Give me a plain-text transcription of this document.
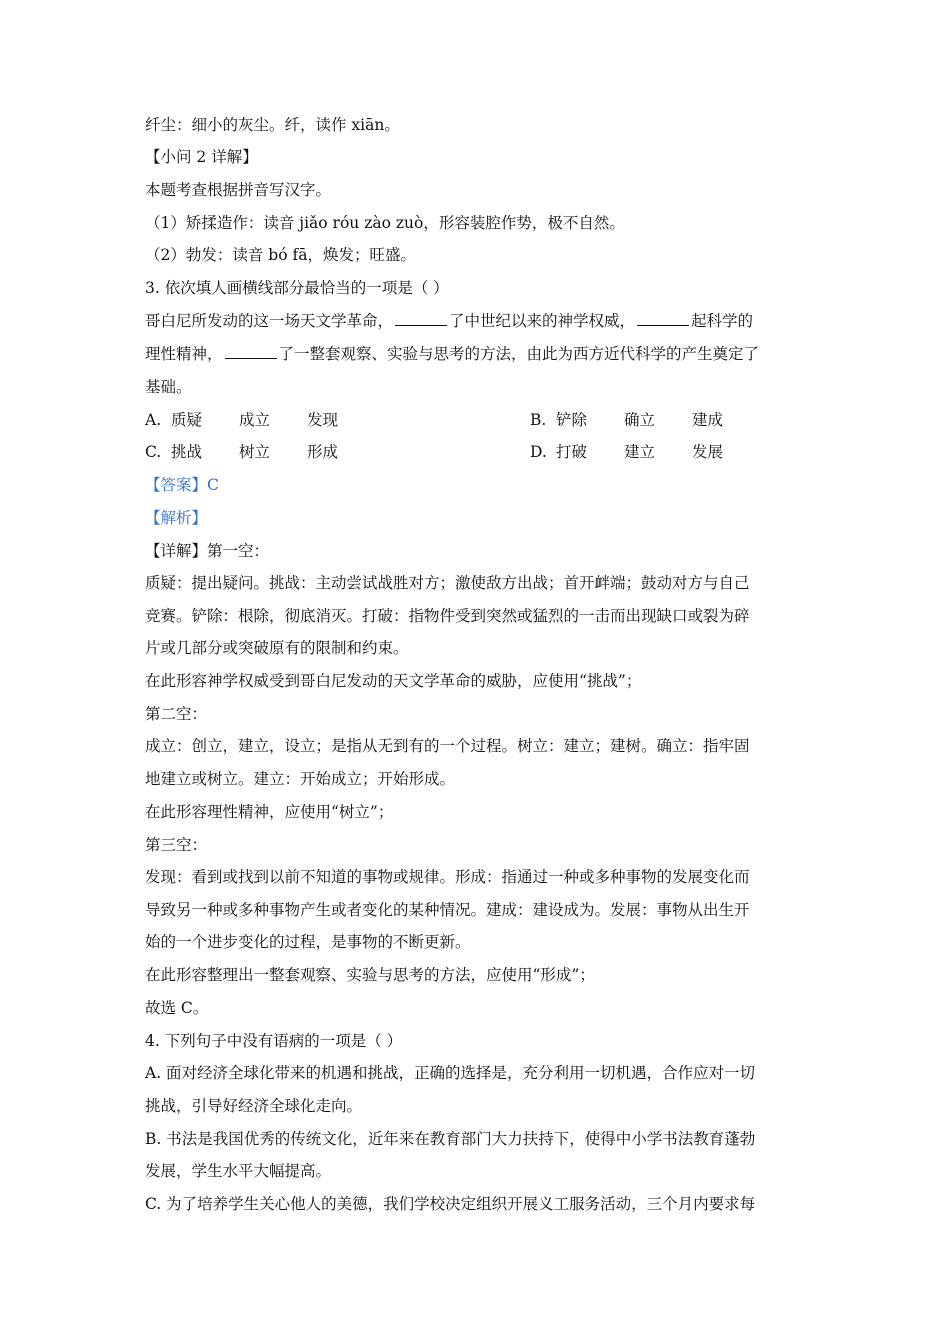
纤尘：细小的灰尘。纤，读作 xiān。
【小问 2 详解】
本题考查根据拼音写汉字。
（1）矫揉造作：读音 jiǎo róu zào zuò，形容装腔作势，极不自然。
（2）勃发：读音 bó fā，焕发；旺盛。
3. 依次填人画横线部分最恰当的一项是（ ）
哥白尼所发动的这一场天文学革命，	了中世纪以来的神学权威，	起科学的
理性精神，	了一整套观察、实验与思考的方法，由此为西方近代科学的产生奠定了
基础。
A. 质疑 成立 发现	B. 铲除 确立 建成
C. 挑战 树立 形成	D. 打破 建立 发展
【答案】C
【解析】
【详解】第一空：
质疑：提出疑问。挑战：主动尝试战胜对方；激使敌方出战；首开衅端；鼓动对方与自己
竞赛。铲除：根除，彻底消灭。打破：指物件受到突然或猛烈的一击而出现缺口或裂为碎
片或几部分或突破原有的限制和约束。
在此形容神学权威受到哥白尼发动的天文学革命的威胁，应使用“挑战”；
第二空：
成立：创立，建立，设立；是指从无到有的一个过程。树立：建立；建树。确立：指牢固
地建立或树立。建立：开始成立；开始形成。
在此形容理性精神，应使用“树立”；
第三空：
发现：看到或找到以前不知道的事物或规律。形成：指通过一种或多种事物的发展变化而
导致另一种或多种事物产生或者变化的某种情况。建成：建设成为。发展：事物从出生开
始的一个进步变化的过程，是事物的不断更新。
在此形容整理出一整套观察、实验与思考的方法，应使用“形成”；
故选 C。
4. 下列句子中没有语病的一项是（ ）
A. 面对经济全球化带来的机遇和挑战，正确的选择是，充分利用一切机遇，合作应对一切
挑战，引导好经济全球化走向。
B. 书法是我国优秀的传统文化，近年来在教育部门大力扶持下，使得中小学书法教育蓬勃
发展，学生水平大幅提高。
C. 为了培养学生关心他人的美德，我们学校决定组织开展义工服务活动，三个月内要求每
